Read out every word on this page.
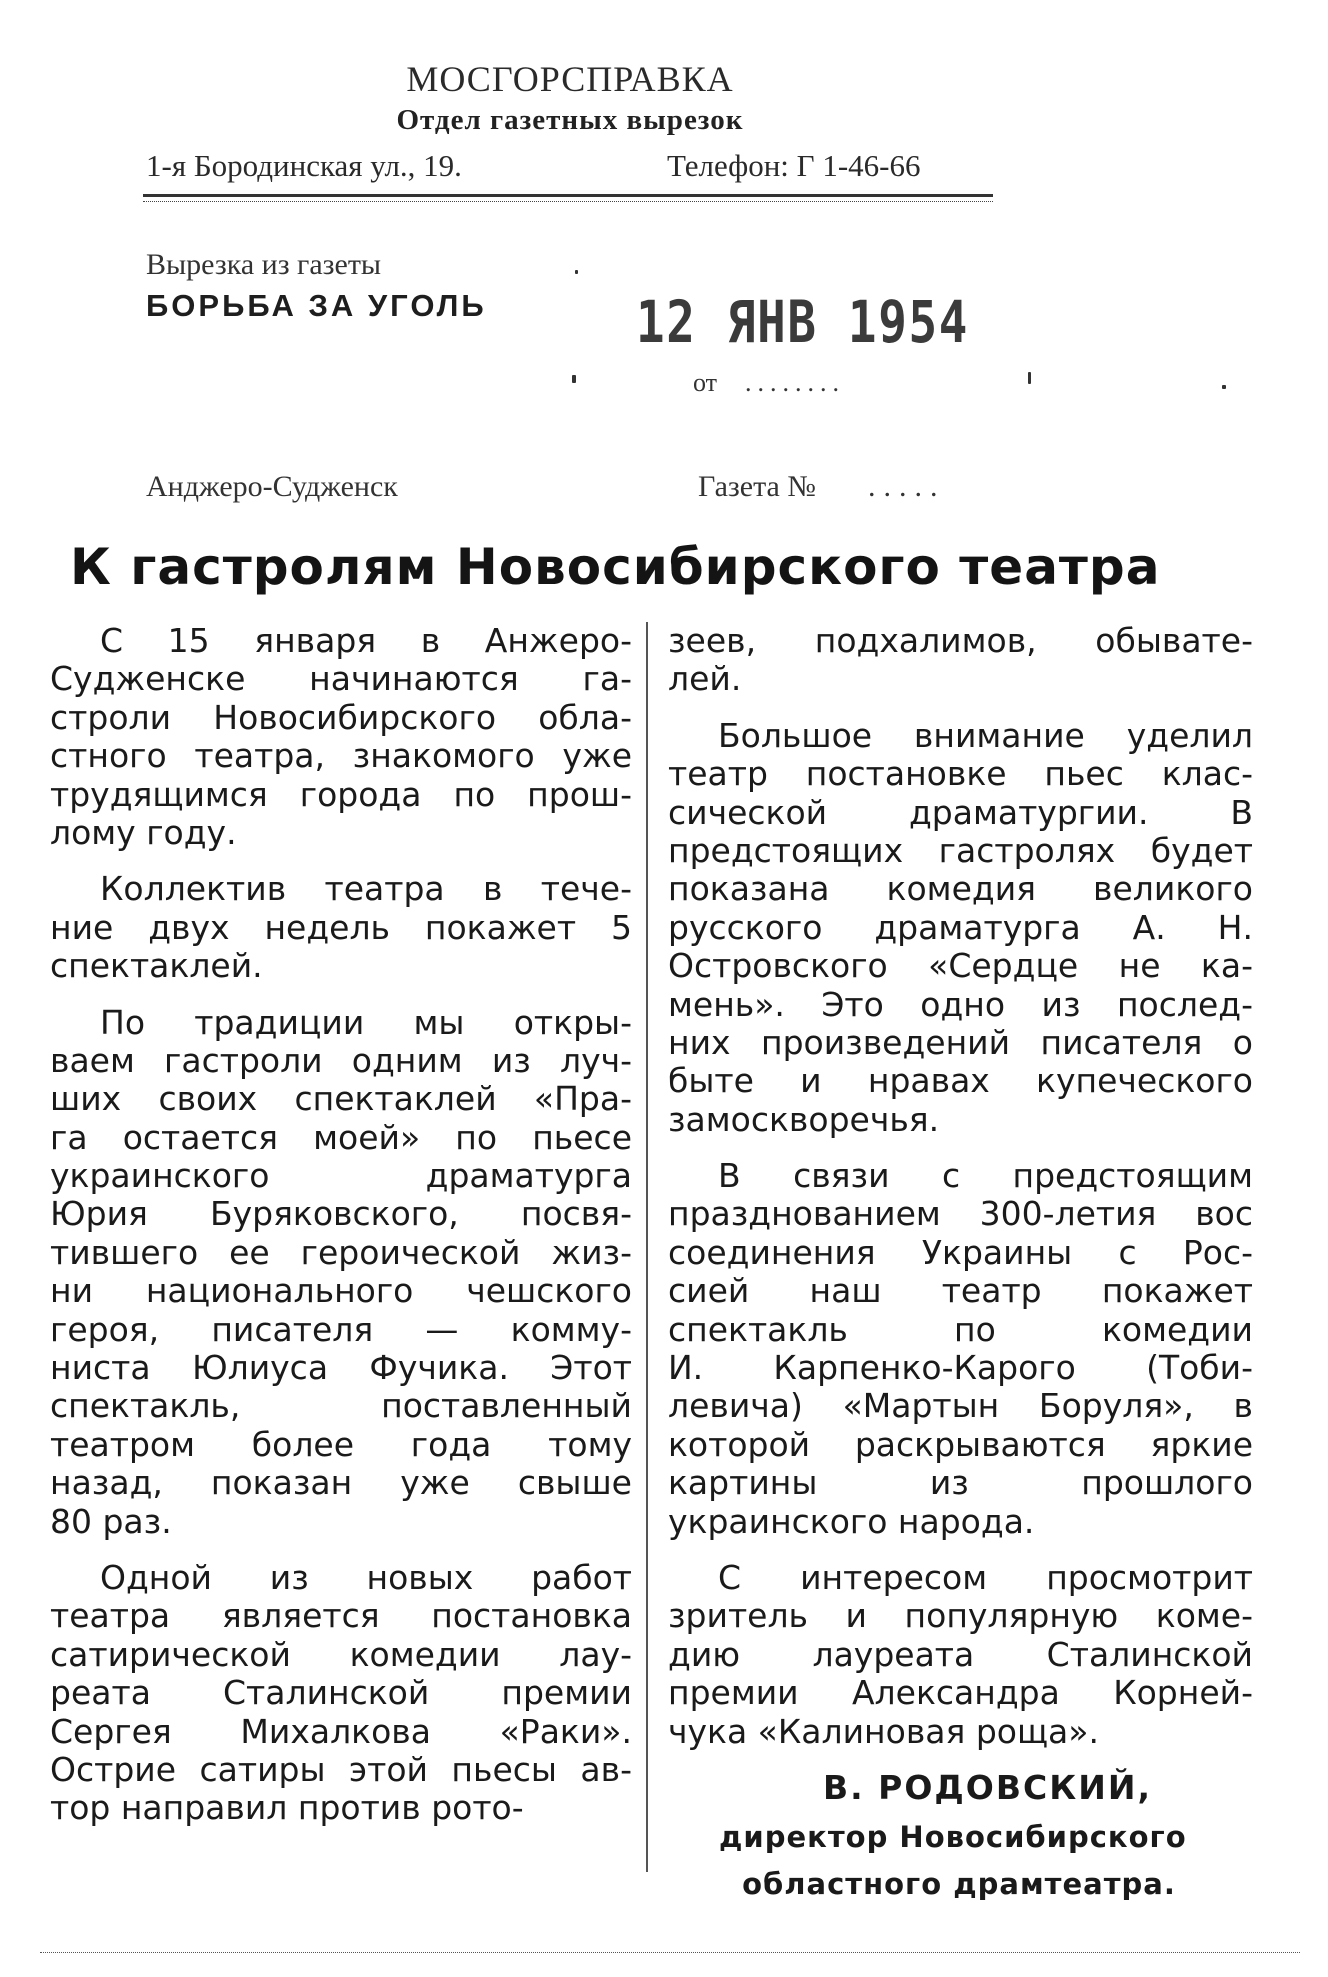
МОСГОРСПРАВКА
Отдел газетных вырезок
1-я Бородинская ул., 19.	Телефон: Г 1-46-66
Вырезка из газеты
БОРЬБА ЗА УГОЛЬ	12 ЯНВ 1954
от ........
Анджеро-Судженск	Газета № .....
К гастролям Новосибирского театра
С 15 января в Анжеро-
Судженске начинаются га-
строли Новосибирского обла-
стного театра, знакомого уже
трудящимся города по прош-
лому году.
Коллектив театра в тече-
ние двух недель покажет 5
спектаклей.
По традиции мы откры-
ваем гастроли одним из луч-
ших своих спектаклей «Пра-
га остается моей» по пьесе
украинского драматурга
Юрия Буряковского, посвя-
тившего ее героической жиз-
ни национального чешского
героя, писателя — комму-
ниста Юлиуса Фучика. Этот
спектакль, поставленный
театром более года тому
назад, показан уже свыше
80 раз.
Одной из новых работ
театра является постановка
сатирической комедии лау-
реата Сталинской премии
Сергея Михалкова «Раки».
Острие сатиры этой пьесы ав-
тор направил против рото-
зеев, подхалимов, обывате-
лей.
Большое внимание уделил
театр постановке пьес клас-
сической драматургии. В
предстоящих гастролях будет
показана комедия великого
русского драматурга А. Н.
Островского «Сердце не ка-
мень». Это одно из послед-
них произведений писателя о
быте и нравах купеческого
замоскворечья.
В связи с предстоящим
празднованием 300-летия вос
соединения Украины с Рос-
сией наш театр покажет
спектакль по комедии
И. Карпенко-Карого (Тоби-
левича) «Мартын Боруля», в
которой раскрываются яркие
картины из прошлого
украинского народа.
С интересом просмотрит
зритель и популярную коме-
дию лауреата Сталинской
премии Александра Корней-
чука «Калиновая роща».
В. РОДОВСКИЙ,
директор Новосибирского
областного драмтеатра.
